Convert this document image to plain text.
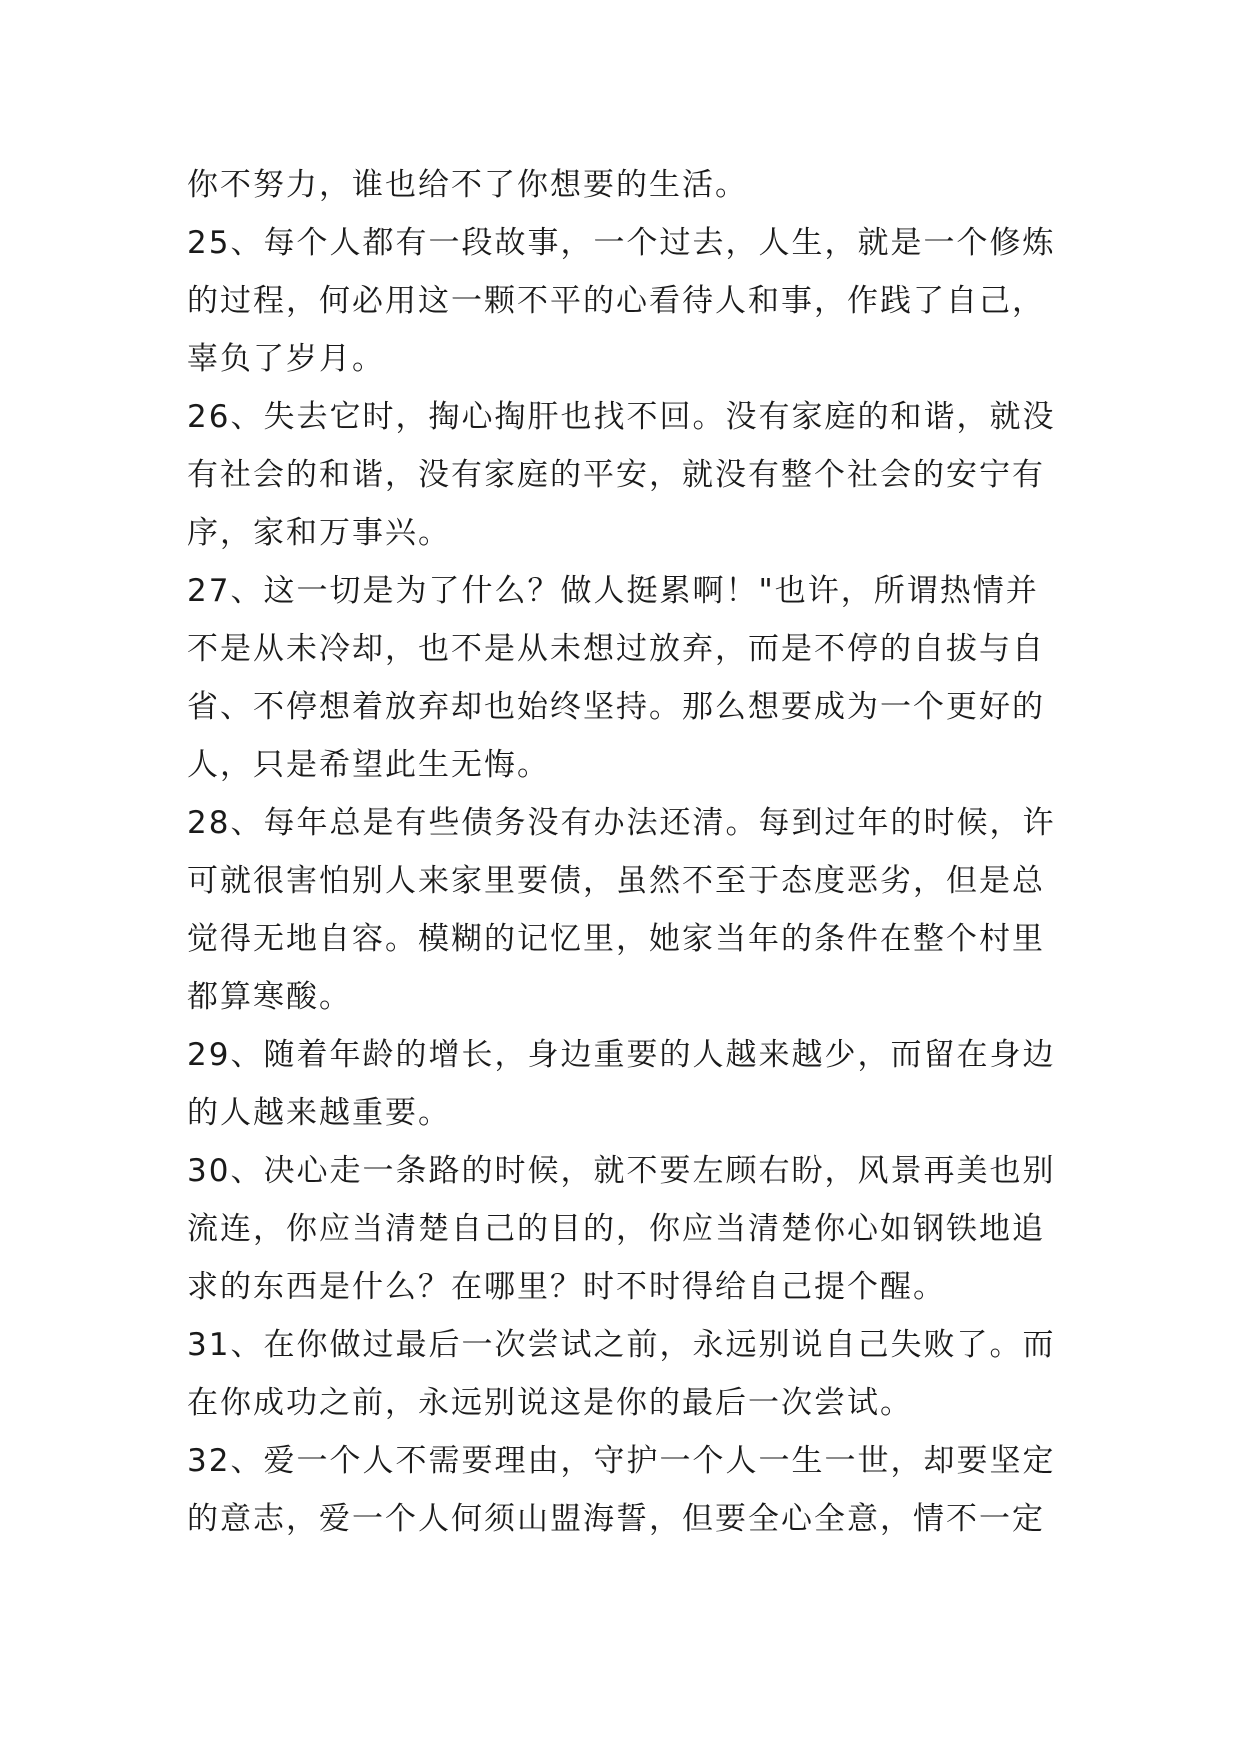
你不努力，谁也给不了你想要的生活。
25、每个人都有一段故事，一个过去，人生，就是一个修炼
的过程，何必用这一颗不平的心看待人和事，作践了自己，
辜负了岁月。
26、失去它时，掏心掏肝也找不回。没有家庭的和谐，就没
有社会的和谐，没有家庭的平安，就没有整个社会的安宁有
序，家和万事兴。
27、这一切是为了什么？做人挺累啊！"也许，所谓热情并
不是从未冷却，也不是从未想过放弃，而是不停的自拔与自
省、不停想着放弃却也始终坚持。那么想要成为一个更好的
人，只是希望此生无悔。
28、每年总是有些债务没有办法还清。每到过年的时候，许
可就很害怕别人来家里要债，虽然不至于态度恶劣，但是总
觉得无地自容。模糊的记忆里，她家当年的条件在整个村里
都算寒酸。
29、随着年龄的增长，身边重要的人越来越少，而留在身边
的人越来越重要。
30、决心走一条路的时候，就不要左顾右盼，风景再美也别
流连，你应当清楚自己的目的，你应当清楚你心如钢铁地追
求的东西是什么？在哪里？时不时得给自己提个醒。
31、在你做过最后一次尝试之前，永远别说自己失败了。而
在你成功之前，永远别说这是你的最后一次尝试。
32、爱一个人不需要理由，守护一个人一生一世，却要坚定
的意志，爱一个人何须山盟海誓，但要全心全意，情不一定
